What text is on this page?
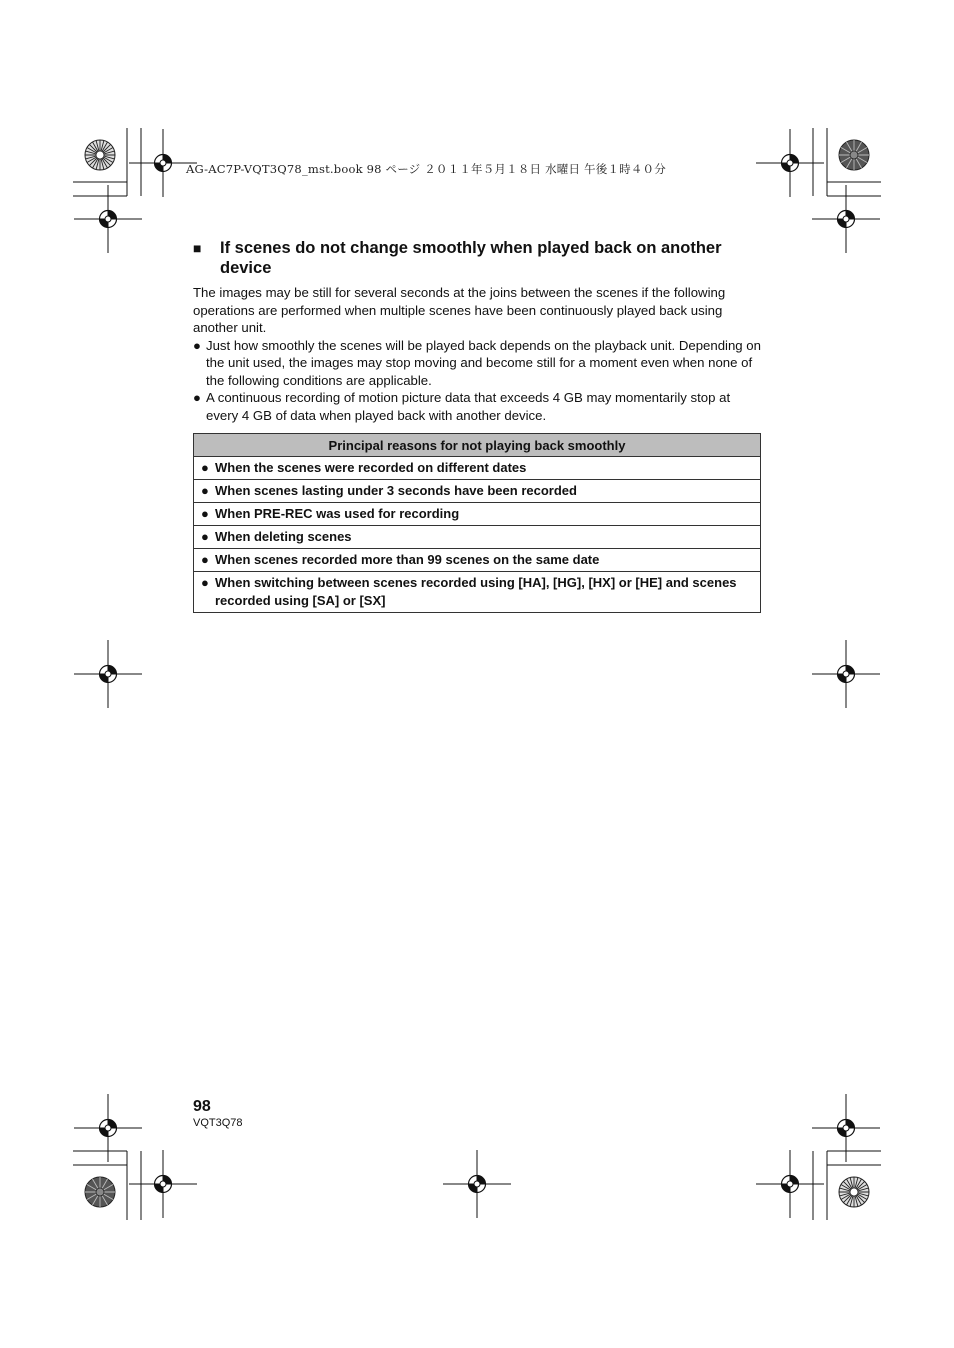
AG-AC7P-VQT3Q78_mst.book 98 ページ ２０１１年５月１８日 水曜日 午後１時４０分
■	If scenes do not change smoothly when played back on another device

The images may be still for several seconds at the joins between the scenes if the following operations are performed when multiple scenes have been continuously played back using another unit.

● Just how smoothly the scenes will be played back depends on the playback unit. Depending on the unit used, the images may stop moving and become still for a moment even when none of the following conditions are applicable.
● A continuous recording of motion picture data that exceeds 4 GB may momentarily stop at every 4 GB of data when played back with another device.
Principal reasons for not playing back smoothly

● When the scenes were recorded on different dates

● When scenes lasting under 3 seconds have been recorded

● When PRE-REC was used for recording

● When deleting scenes

● When scenes recorded more than 99 scenes on the same date

● When switching between scenes recorded using [HA], [HG], [HX] or [HE] and scenes recorded using [SA] or [SX]
98
VQT3Q78
